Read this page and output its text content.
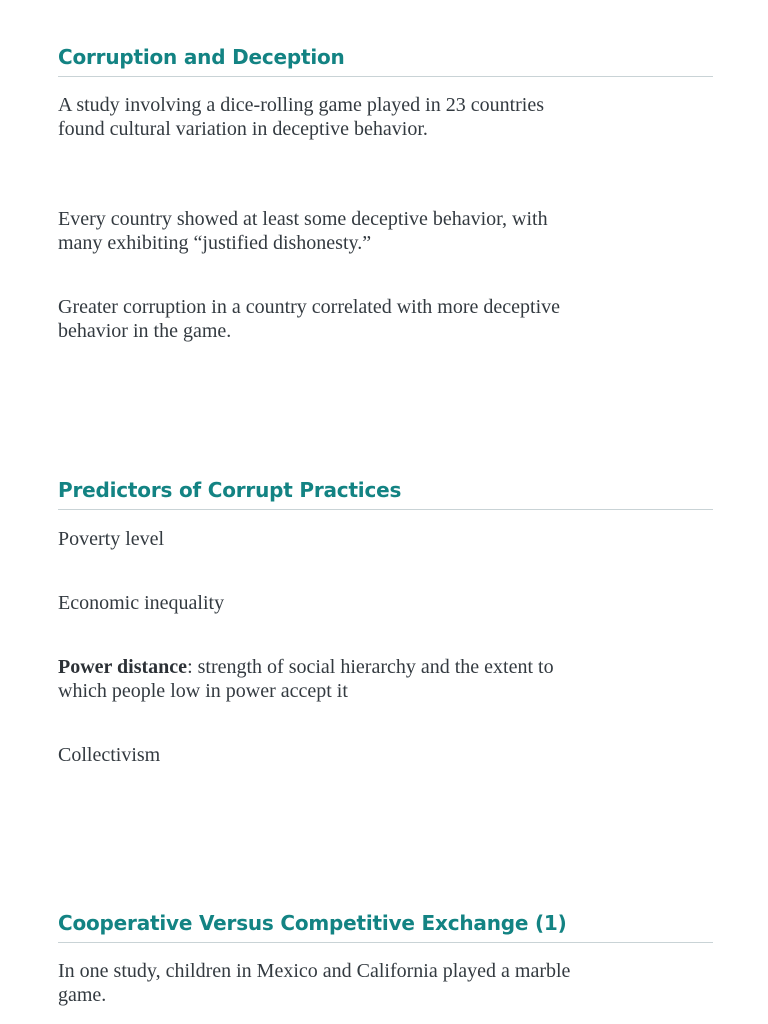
Corruption and Deception

A study involving a dice-rolling game played in 23 countries found cultural variation in deceptive behavior.

Every country showed at least some deceptive behavior, with many exhibiting “justified dishonesty.”

Greater corruption in a country correlated with more deceptive behavior in the game.

Predictors of Corrupt Practices

Poverty level

Economic inequality

Power distance: strength of social hierarchy and the extent to which people low in power accept it

Collectivism

Cooperative Versus Competitive Exchange (1)

In one study, children in Mexico and California played a marble game.
